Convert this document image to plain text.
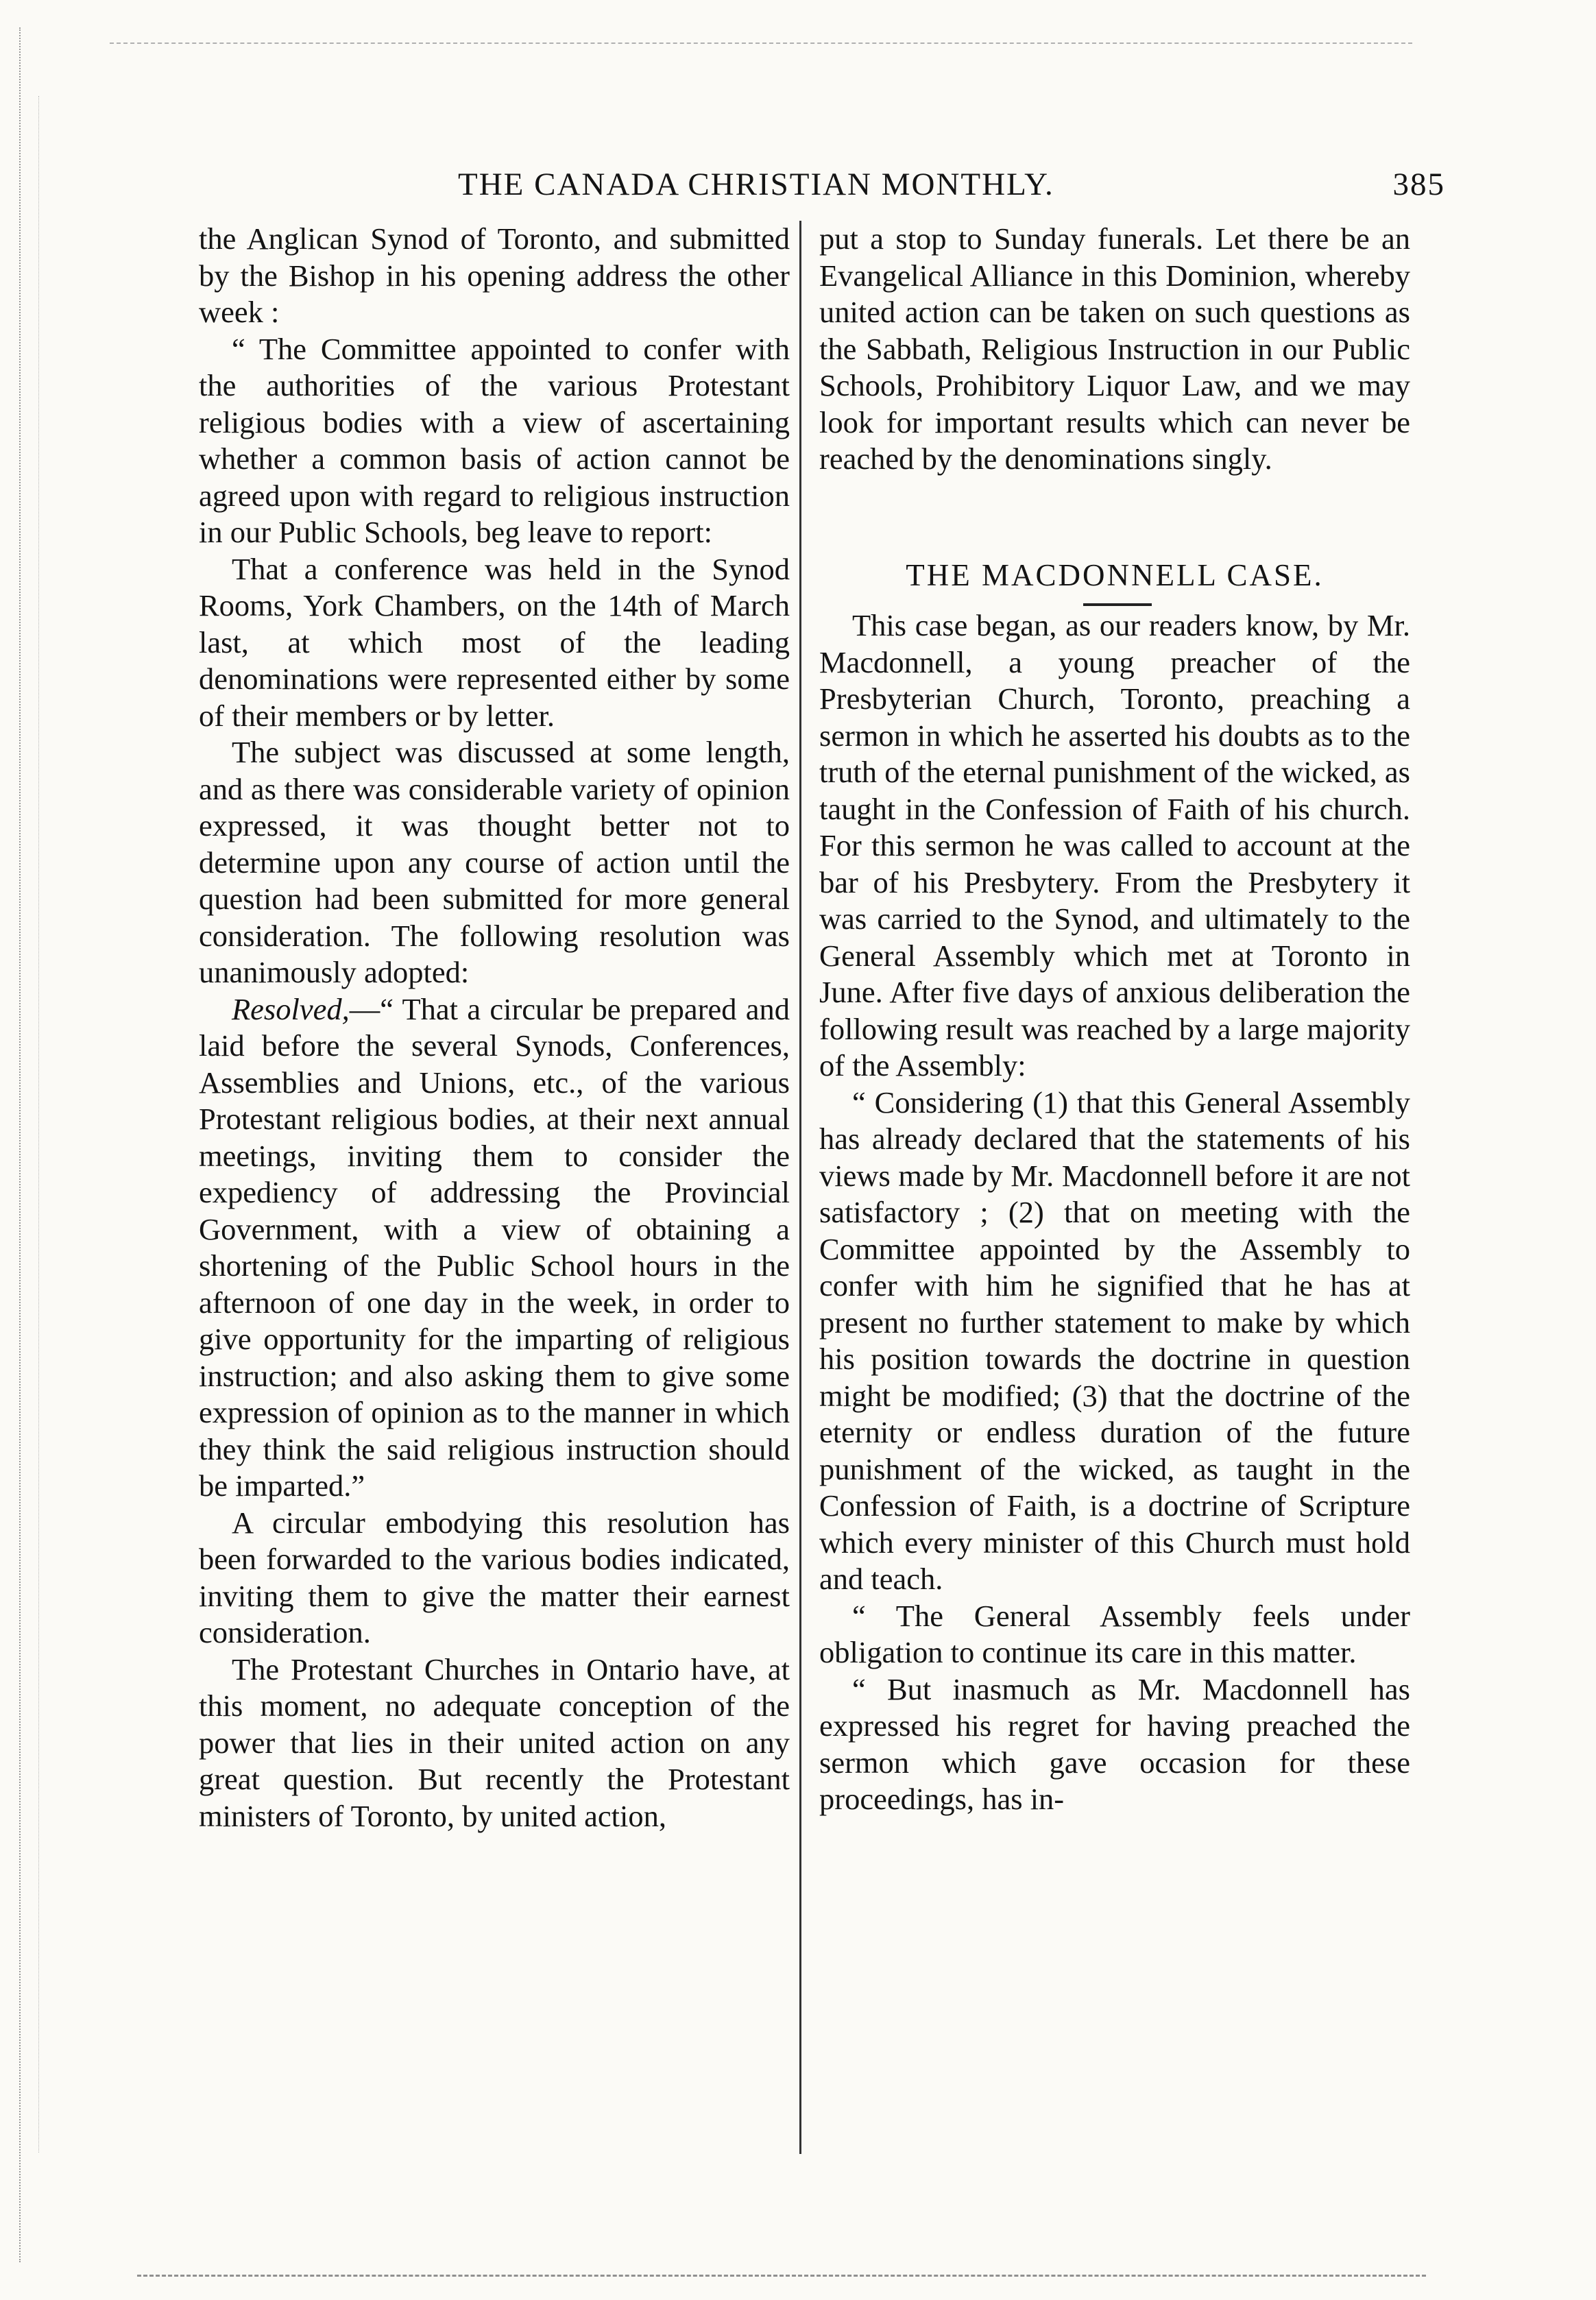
THE CANADA CHRISTIAN MONTHLY.	385

the Anglican Synod of Toronto, and submitted by the Bishop in his opening address the other week :

“ The Committee appointed to confer with the authorities of the various Protestant religious bodies with a view of ascertaining whether a common basis of action cannot be agreed upon with regard to religious instruction in our Public Schools, beg leave to report:

That a conference was held in the Synod Rooms, York Chambers, on the 14th of March last, at which most of the leading denominations were represented either by some of their members or by letter.

The subject was discussed at some length, and as there was considerable variety of opinion expressed, it was thought better not to determine upon any course of action until the question had been submitted for more general consideration. The following resolution was unanimously adopted:

Resolved,—“ That a circular be prepared and laid before the several Synods, Conferences, Assemblies and Unions, etc., of the various Protestant religious bodies, at their next annual meetings, inviting them to consider the expediency of addressing the Provincial Government, with a view of obtaining a shortening of the Public School hours in the afternoon of one day in the week, in order to give opportunity for the imparting of religious instruction; and also asking them to give some expression of opinion as to the manner in which they think the said religious instruction should be imparted.”

A circular embodying this resolution has been forwarded to the various bodies indicated, inviting them to give the matter their earnest consideration.

The Protestant Churches in Ontario have, at this moment, no adequate conception of the power that lies in their united action on any great question. But recently the Protestant ministers of Toronto, by united action,

put a stop to Sunday funerals. Let there be an Evangelical Alliance in this Dominion, whereby united action can be taken on such questions as the Sabbath, Religious Instruction in our Public Schools, Prohibitory Liquor Law, and we may look for important results which can never be reached by the denominations singly.

THE MACDONNELL CASE.

This case began, as our readers know, by Mr. Macdonnell, a young preacher of the Presbyterian Church, Toronto, preaching a sermon in which he asserted his doubts as to the truth of the eternal punishment of the wicked, as taught in the Confession of Faith of his church. For this sermon he was called to account at the bar of his Presbytery. From the Presbytery it was carried to the Synod, and ultimately to the General Assembly which met at Toronto in June. After five days of anxious deliberation the following result was reached by a large majority of the Assembly:

“ Considering (1) that this General Assembly has already declared that the statements of his views made by Mr. Macdonnell before it are not satisfactory ; (2) that on meeting with the Committee appointed by the Assembly to confer with him he signified that he has at present no further statement to make by which his position towards the doctrine in question might be modified; (3) that the doctrine of the eternity or endless duration of the future punishment of the wicked, as taught in the Confession of Faith, is a doctrine of Scripture which every minister of this Church must hold and teach.

“ The General Assembly feels under obligation to continue its care in this matter.

“ But inasmuch as Mr. Macdonnell has expressed his regret for having preached the sermon which gave occasion for these proceedings, has in-
